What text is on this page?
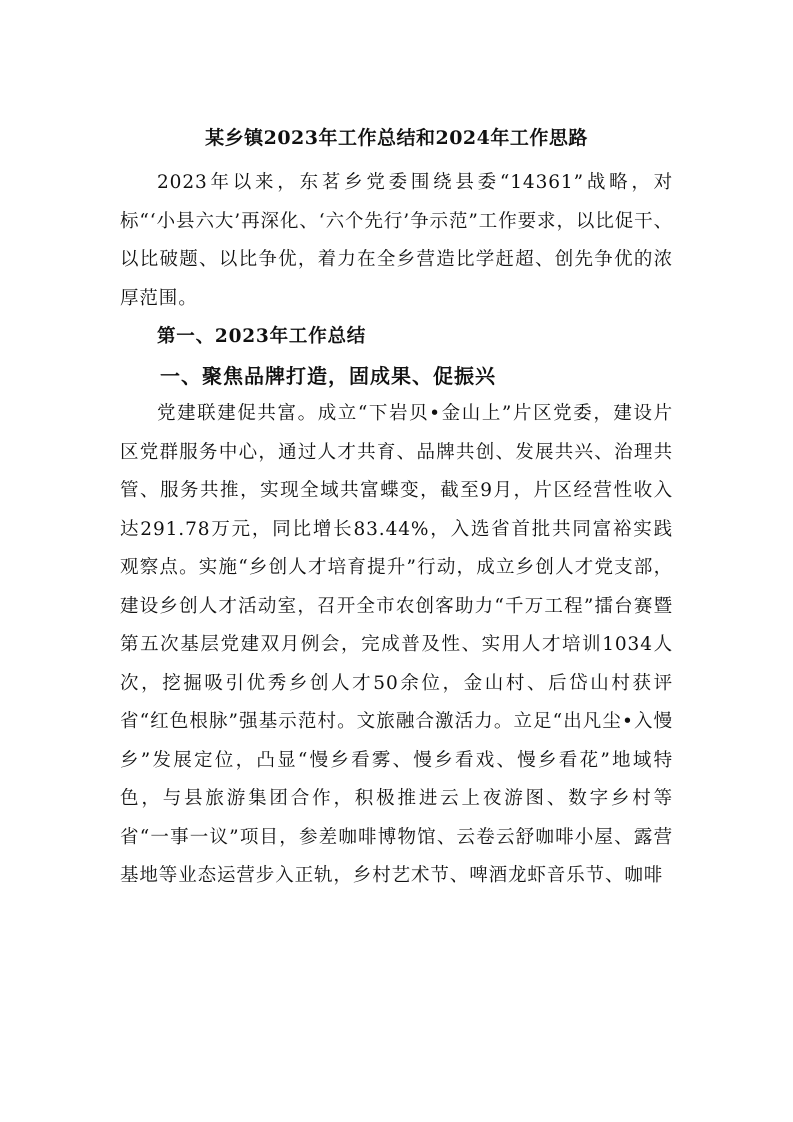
某乡镇2023年工作总结和2024年工作思路

2023年以来，东茗乡党委围绕县委“14361”战略，对标“‘小县六大’再深化、‘六个先行’争示范”工作要求，以比促干、以比破题、以比争优，着力在全乡营造比学赶超、创先争优的浓厚范围。

第一、2023年工作总结

一、聚焦品牌打造，固成果、促振兴

党建联建促共富。成立“下岩贝•金山上”片区党委，建设片区党群服务中心，通过人才共育、品牌共创、发展共兴、治理共管、服务共推，实现全域共富蝶变，截至9月，片区经营性收入达291.78万元，同比增长83.44%，入选省首批共同富裕实践观察点。实施“乡创人才培育提升”行动，成立乡创人才党支部，建设乡创人才活动室，召开全市农创客助力“千万工程”擂台赛暨第五次基层党建双月例会，完成普及性、实用人才培训1034人次，挖掘吸引优秀乡创人才50余位，金山村、后岱山村获评省“红色根脉”强基示范村。文旅融合激活力。立足“出凡尘•入慢乡”发展定位，凸显“慢乡看雾、慢乡看戏、慢乡看花”地域特色，与县旅游集团合作，积极推进云上夜游图、数字乡村等省“一事一议”项目，参差咖啡博物馆、云卷云舒咖啡小屋、露营基地等业态运营步入正轨，乡村艺术节、啤酒龙虾音乐节、咖啡
